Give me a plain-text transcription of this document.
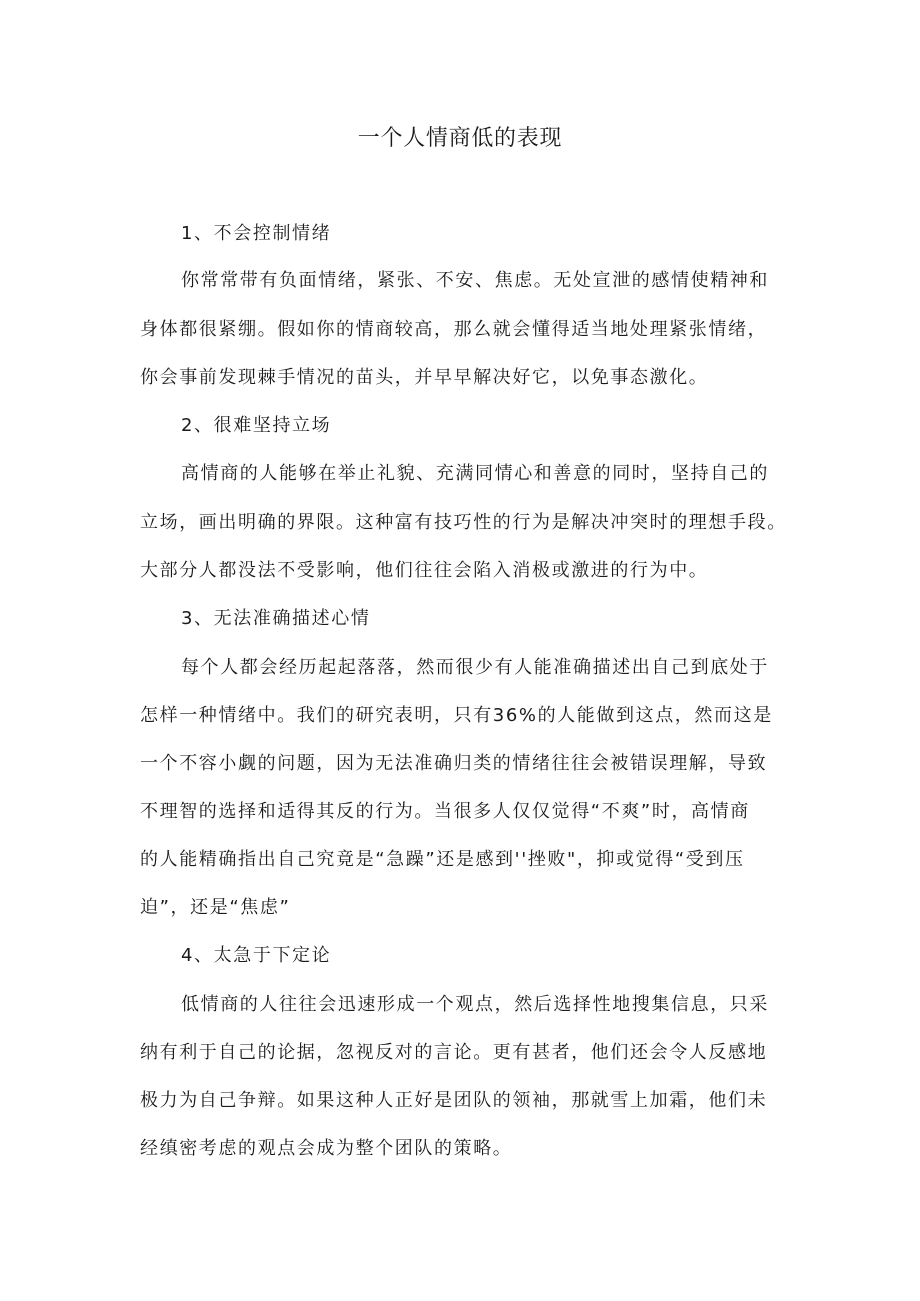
一个人情商低的表现
1、不会控制情绪
你常常带有负面情绪，紧张、不安、焦虑。无处宣泄的感情使精神和
身体都很紧绷。假如你的情商较高，那么就会懂得适当地处理紧张情绪，
你会事前发现棘手情况的苗头，并早早解决好它，以免事态激化。
2、很难坚持立场
高情商的人能够在举止礼貌、充满同情心和善意的同时，坚持自己的
立场，画出明确的界限。这种富有技巧性的行为是解决冲突时的理想手段。
大部分人都没法不受影响，他们往往会陷入消极或激进的行为中。
3、无法准确描述心情
每个人都会经历起起落落，然而很少有人能准确描述出自己到底处于
怎样一种情绪中。我们的研究表明，只有36%的人能做到这点，然而这是
一个不容小觑的问题，因为无法准确归类的情绪往往会被错误理解，导致
不理智的选择和适得其反的行为。当很多人仅仅觉得“不爽”时，高情商
的人能精确指出自己究竟是“急躁”还是感到''挫败"，抑或觉得“受到压
迫”，还是“焦虑”
4、太急于下定论
低情商的人往往会迅速形成一个观点，然后选择性地搜集信息，只采
纳有利于自己的论据，忽视反对的言论。更有甚者，他们还会令人反感地
极力为自己争辩。如果这种人正好是团队的领袖，那就雪上加霜，他们未
经缜密考虑的观点会成为整个团队的策略。
